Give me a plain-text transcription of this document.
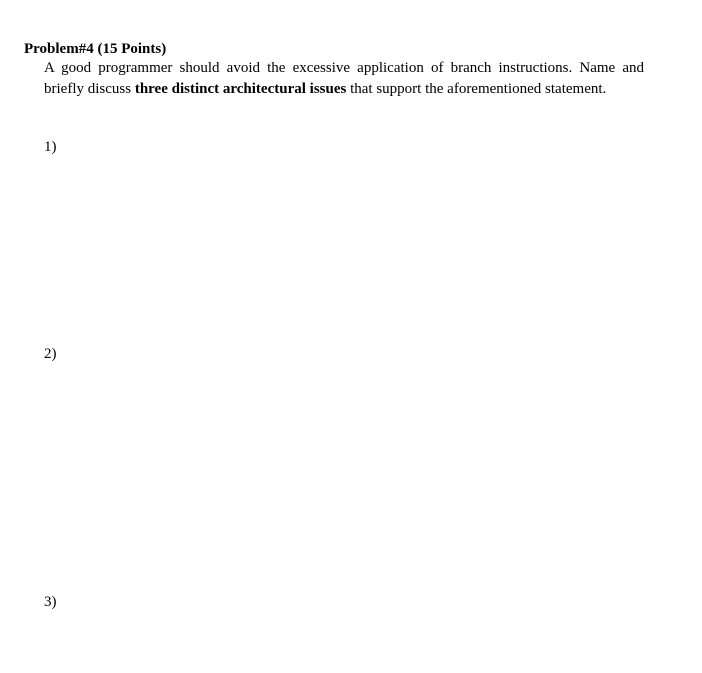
Problem#4 (15 Points)
A good programmer should avoid the excessive application of branch instructions. Name and briefly discuss three distinct architectural issues that support the aforementioned statement.
1)
2)
3)
